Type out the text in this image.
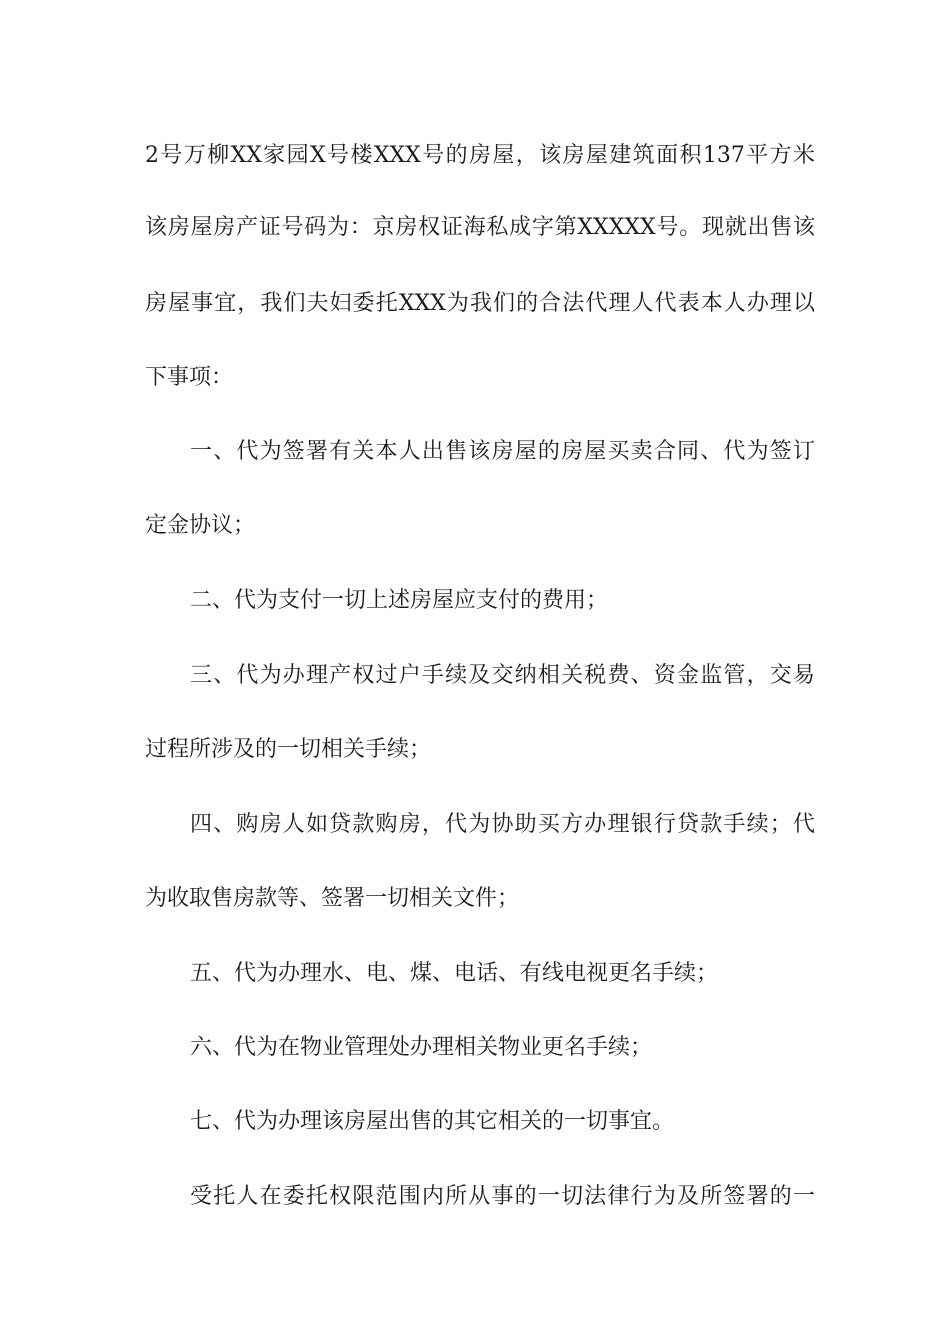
2号万柳XX家园X号楼XXX号的房屋，该房屋建筑面积137平方米
该房屋房产证号码为：京房权证海私成字第XXXXX号。现就出售该
房屋事宜，我们夫妇委托XXX为我们的合法代理人代表本人办理以
下事项：
一、代为签署有关本人出售该房屋的房屋买卖合同、代为签订
定金协议；
二、代为支付一切上述房屋应支付的费用；
三、代为办理产权过户手续及交纳相关税费、资金监管，交易
过程所涉及的一切相关手续；
四、购房人如贷款购房，代为协助买方办理银行贷款手续；代
为收取售房款等、签署一切相关文件；
五、代为办理水、电、煤、电话、有线电视更名手续；
六、代为在物业管理处办理相关物业更名手续；
七、代为办理该房屋出售的其它相关的一切事宜。
受托人在委托权限范围内所从事的一切法律行为及所签署的一
